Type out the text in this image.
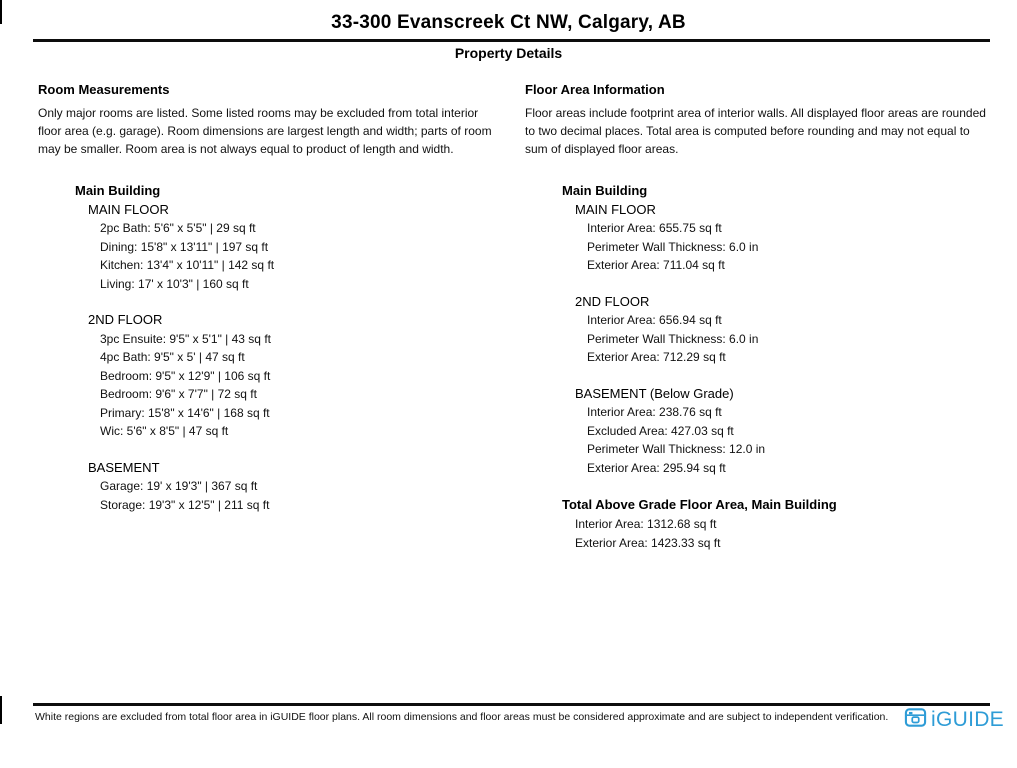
33-300 Evanscreek Ct NW, Calgary, AB
Property Details
Room Measurements
Only major rooms are listed. Some listed rooms may be excluded from total interior floor area (e.g. garage). Room dimensions are largest length and width; parts of room may be smaller. Room area is not always equal to product of length and width.
Main Building
MAIN FLOOR
2pc Bath: 5'6" x 5'5" | 29 sq ft
Dining: 15'8" x 13'11" | 197 sq ft
Kitchen: 13'4" x 10'11" | 142 sq ft
Living: 17' x 10'3" | 160 sq ft
2ND FLOOR
3pc Ensuite: 9'5" x 5'1" | 43 sq ft
4pc Bath: 9'5" x 5' | 47 sq ft
Bedroom: 9'5" x 12'9" | 106 sq ft
Bedroom: 9'6" x 7'7" | 72 sq ft
Primary: 15'8" x 14'6" | 168 sq ft
Wic: 5'6" x 8'5" | 47 sq ft
BASEMENT
Garage: 19' x 19'3" | 367 sq ft
Storage: 19'3" x 12'5" | 211 sq ft
Floor Area Information
Floor areas include footprint area of interior walls. All displayed floor areas are rounded to two decimal places. Total area is computed before rounding and may not equal to sum of displayed floor areas.
Main Building
MAIN FLOOR
Interior Area: 655.75 sq ft
Perimeter Wall Thickness: 6.0 in
Exterior Area: 711.04 sq ft
2ND FLOOR
Interior Area: 656.94 sq ft
Perimeter Wall Thickness: 6.0 in
Exterior Area: 712.29 sq ft
BASEMENT (Below Grade)
Interior Area: 238.76 sq ft
Excluded Area: 427.03 sq ft
Perimeter Wall Thickness: 12.0 in
Exterior Area: 295.94 sq ft
Total Above Grade Floor Area, Main Building
Interior Area: 1312.68 sq ft
Exterior Area: 1423.33 sq ft
White regions are excluded from total floor area in iGUIDE floor plans. All room dimensions and floor areas must be considered approximate and are subject to independent verification. iGUIDE
